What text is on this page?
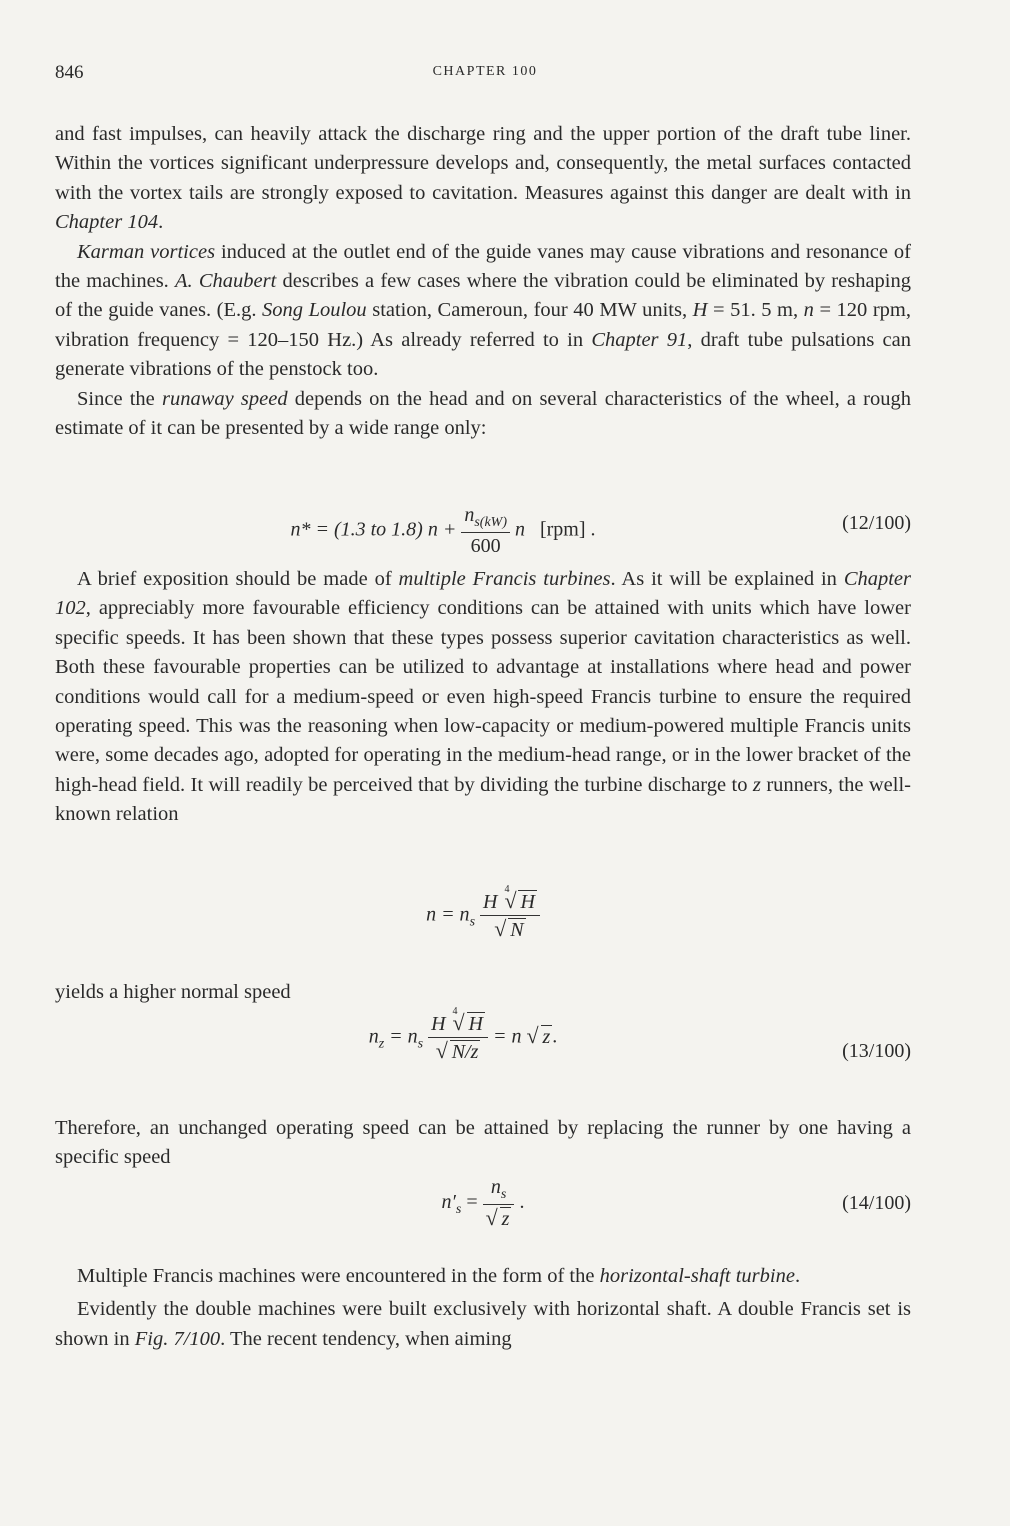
846	CHAPTER 100

and fast impulses, can heavily attack the discharge ring and the upper portion of the draft tube liner. Within the vortices significant underpressure develops and, consequently, the metal surfaces contacted with the vortex tails are strongly exposed to cavitation. Measures against this danger are dealt with in Chapter 104.

Karman vortices induced at the outlet end of the guide vanes may cause vibrations and resonance of the machines. A. Chaubert describes a few cases where the vibration could be eliminated by reshaping of the guide vanes. (E.g. Song Loulou station, Cameroun, four 40 MW units, H = 51. 5 m, n = 120 rpm, vibration frequency = 120–150 Hz.) As already referred to in Chapter 91, draft tube pulsations can generate vibrations of the penstock too.

Since the runaway speed depends on the head and on several characteristics of the wheel, a rough estimate of it can be presented by a wide range only:

n* = (1.3 to 1.8) $n + \frac{n_{s(kW)}}{600}$ n [rpm] .	(12/100)

A brief exposition should be made of multiple Francis turbines. As it will be explained in Chapter 102, appreciably more favourable efficiency conditions can be attained with units which have lower specific speeds. It has been shown that these types possess superior cavitation characteristics as well. Both these favourable properties can be utilized to advantage at installations where head and power conditions would call for a medium-speed or even high-speed Francis turbine to ensure the required operating speed. This was the reasoning when low-capacity or medium-powered multiple Francis units were, some decades ago, adopted for operating in the medium-head range, or in the lower bracket of the high-head field. It will readily be perceived that by dividing the turbine discharge to z runners, the well-known relation

$n = n_s$ H
√ 4
H
√ N

yields a higher normal speed

$n_z = n_s$ H
√ 4
H
√ N/z = n √ z .
(13/100)

Therefore, an unchanged operating speed can be attained by replacing the runner by one having a specific speed

$n'_s = n_s$
√ z .	(14/100)

Multiple Francis machines were encountered in the form of the horizontal-shaft turbine.

Evidently the double machines were built exclusively with horizontal shaft. A double Francis set is shown in Fig. 7/100. The recent tendency, when aiming
